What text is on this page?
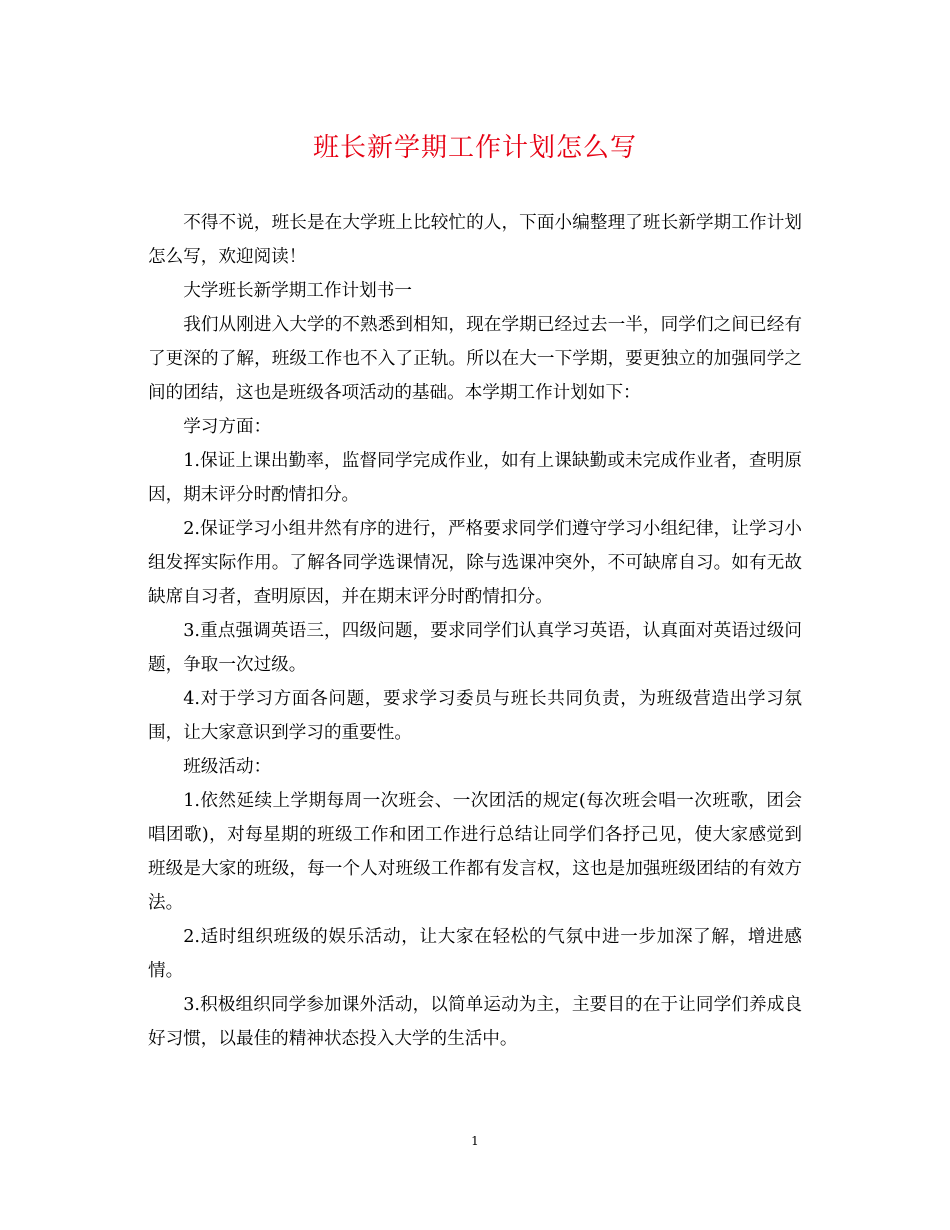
班长新学期工作计划怎么写

不得不说，班长是在大学班上比较忙的人，下面小编整理了班长新学期工作计划怎么写，欢迎阅读！

大学班长新学期工作计划书一

我们从刚进入大学的不熟悉到相知，现在学期已经过去一半，同学们之间已经有了更深的了解，班级工作也不入了正轨。所以在大一下学期，要更独立的加强同学之间的团结，这也是班级各项活动的基础。本学期工作计划如下：

学习方面：

1.保证上课出勤率，监督同学完成作业，如有上课缺勤或未完成作业者，查明原因，期末评分时酌情扣分。

2.保证学习小组井然有序的进行，严格要求同学们遵守学习小组纪律，让学习小组发挥实际作用。了解各同学选课情况，除与选课冲突外，不可缺席自习。如有无故缺席自习者，查明原因，并在期末评分时酌情扣分。

3.重点强调英语三，四级问题，要求同学们认真学习英语，认真面对英语过级问题，争取一次过级。

4.对于学习方面各问题，要求学习委员与班长共同负责，为班级营造出学习氛围，让大家意识到学习的重要性。

班级活动：

1.依然延续上学期每周一次班会、一次团活的规定(每次班会唱一次班歌，团会唱团歌)，对每星期的班级工作和团工作进行总结让同学们各抒己见，使大家感觉到班级是大家的班级，每一个人对班级工作都有发言权，这也是加强班级团结的有效方法。

2.适时组织班级的娱乐活动，让大家在轻松的气氛中进一步加深了解，增进感情。

3.积极组织同学参加课外活动，以简单运动为主，主要目的在于让同学们养成良好习惯，以最佳的精神状态投入大学的生活中。

1
